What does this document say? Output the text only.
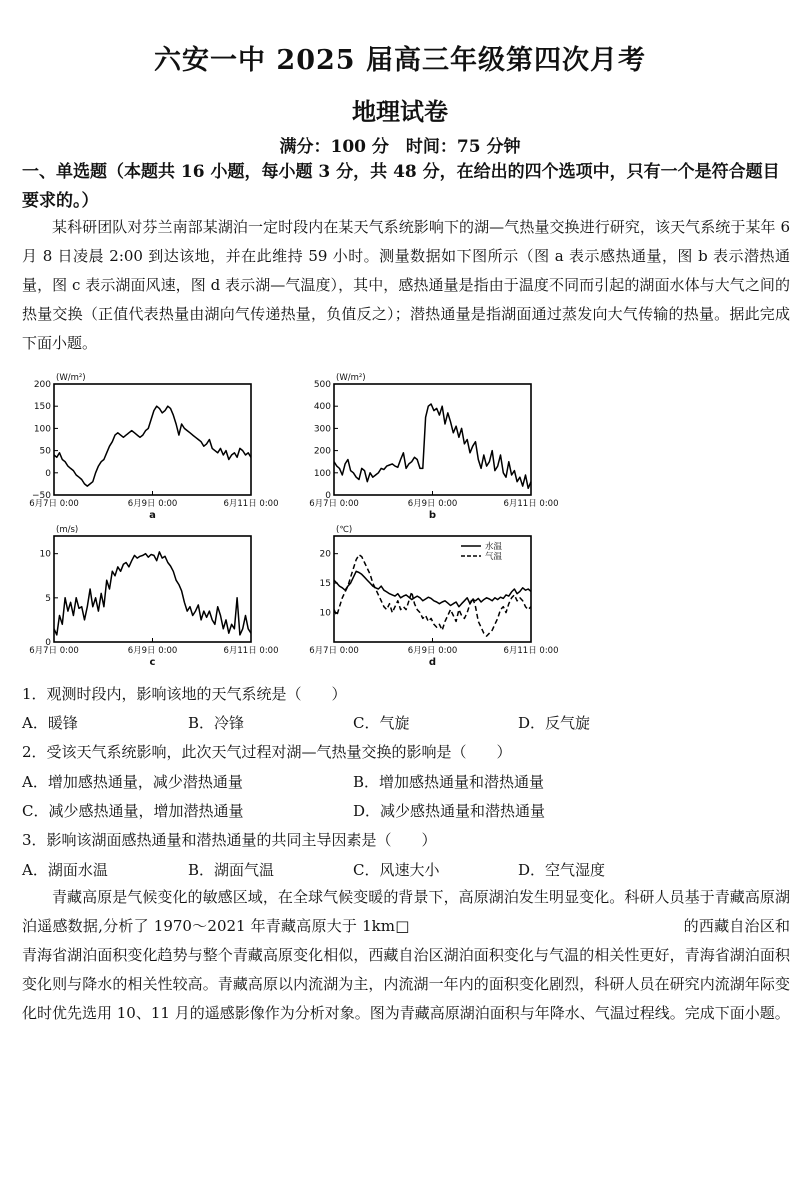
六安一中 2025 届高三年级第四次月考
地理试卷
满分：100 分　时间：75 分钟
一、单选题（本题共 16 小题，每小题 3 分，共 48 分，在给出的四个选项中，只有一个是符合题目要求的。）
某科研团队对芬兰南部某湖泊一定时段内在某天气系统影响下的湖—气热量交换进行研究，该天气系统于某年 6 月 8 日凌晨 2:00 到达该地，并在此维持 59 小时。测量数据如下图所示（图 a 表示感热通量，图 b 表示潜热通量，图 c 表示湖面风速，图 d 表示湖—气温度），其中，感热通量是指由于温度不同而引起的湖面水体与大气之间的热量交换（正值代表热量由湖向气传递热量，负值反之）；潜热通量是指湖面通过蒸发向大气传输的热量。据此完成下面小题。
(W/m²)
200
150
100
50
0
−50
6月7日 0:00	6月9日 0:00	6月11日 0:00
a
(W/m²)
500
400
300
200
100
0
6月7日 0:00	6月9日 0:00	6月11日 0:00
b
(m/s)
10
5
0
6月7日 0:00	6月9日 0:00	6月11日 0:00
c
(℃)
20
15
10
6月7日 0:00	6月9日 0:00	6月11日 0:00
d
水温
气温
1．观测时段内，影响该地的天气系统是（　　）
A．暖锋	B．冷锋	C．气旋	D．反气旋
2．受该天气系统影响，此次天气过程对湖—气热量交换的影响是（　　）
A．增加感热通量，减少潜热通量	B．增加感热通量和潜热通量
C．减少感热通量，增加潜热通量	D．减少感热通量和潜热通量
3．影响该湖面感热通量和潜热通量的共同主导因素是（　　）
A．湖面水温	B．湖面气温	C．风速大小	D．空气湿度
青藏高原是气候变化的敏感区域，在全球气候变暖的背景下，高原湖泊发生明显变化。科研人员基于青藏高原湖泊遥感数据,分析了 1970～2021 年青藏高原大于 1km□　　　　　　　　　　　　　　　　　　的西藏自治区和青海省湖泊面积变化趋势与整个青藏高原变化相似，西藏自治区湖泊面积变化与气温的相关性更好，青海省湖泊面积变化则与降水的相关性较高。青藏高原以内流湖为主，内流湖一年内的面积变化剧烈，科研人员在研究内流湖年际变化时优先选用 10、11 月的遥感影像作为分析对象。图为青藏高原湖泊面积与年降水、气温过程线。完成下面小题。
